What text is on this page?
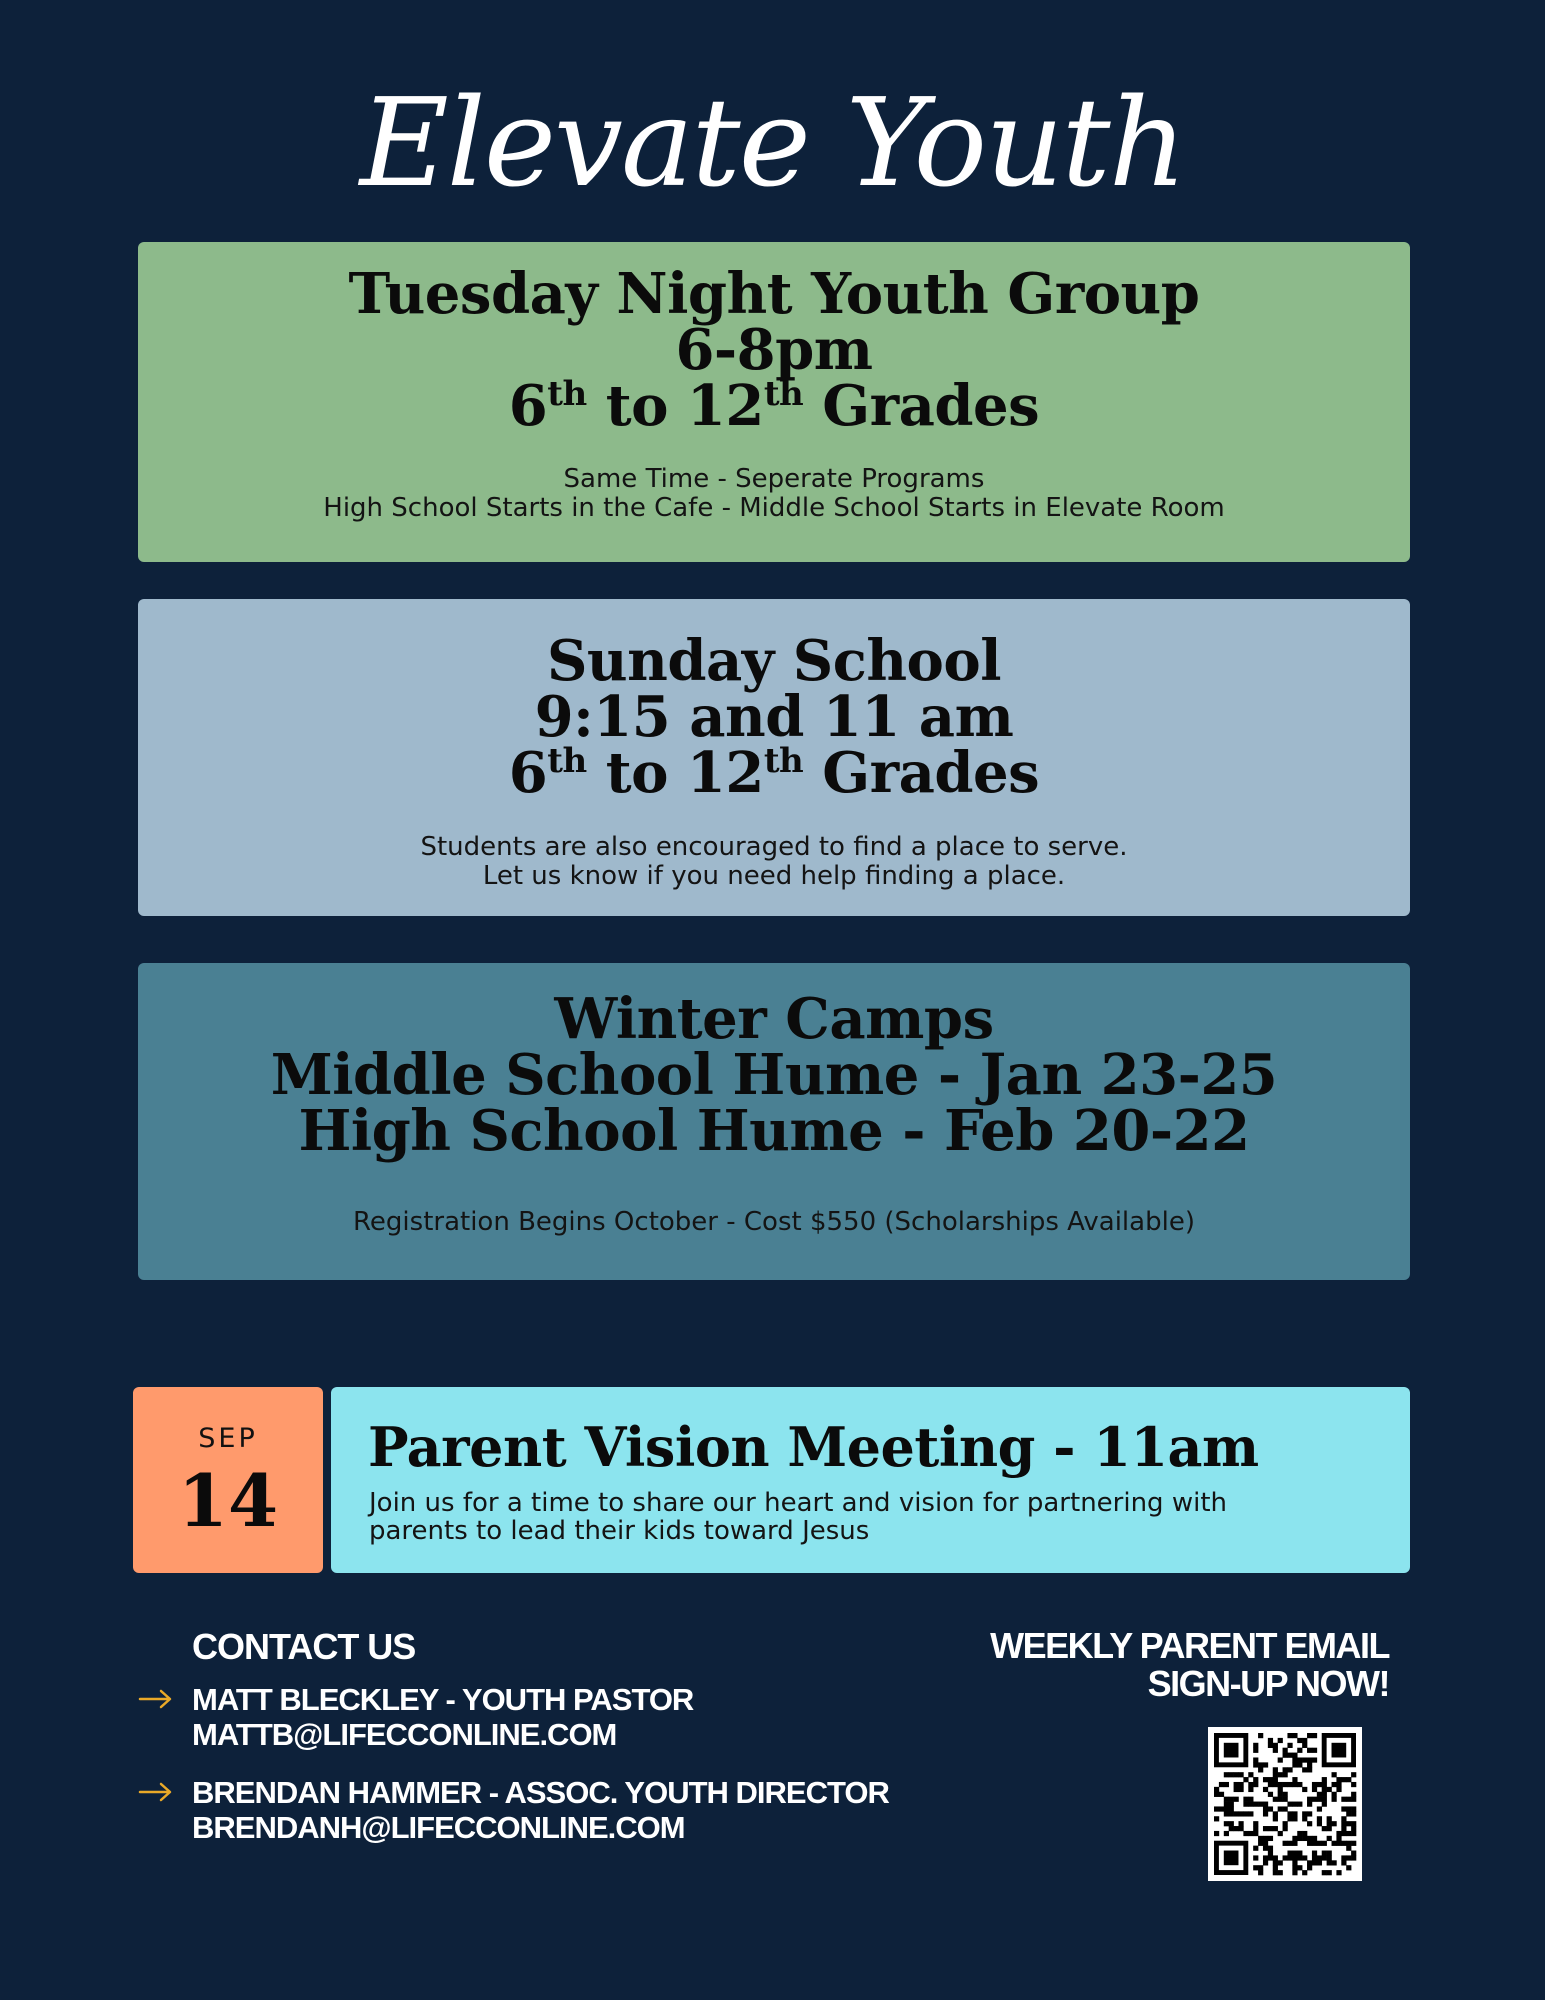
Elevate Youth
Tuesday Night Youth Group
6-8pm
6th to 12th Grades
Same Time - Seperate Programs
High School Starts in the Cafe - Middle School Starts in Elevate Room
Sunday School
9:15 and 11 am
6th to 12th Grades
Students are also encouraged to find a place to serve.
Let us know if you need help finding a place.
Winter Camps
Middle School Hume - Jan 23-25
High School Hume - Feb 20-22
Registration Begins October - Cost $550 (Scholarships Available)
SEP
14
Parent Vision Meeting - 11am
Join us for a time to share our heart and vision for partnering with
parents to lead their kids toward Jesus
CONTACT US
MATT BLECKLEY - YOUTH PASTOR
MATTB@LIFECCONLINE.COM
BRENDAN HAMMER - ASSOC. YOUTH DIRECTOR
BRENDANH@LIFECCONLINE.COM
WEEKLY PARENT EMAIL
SIGN-UP NOW!
